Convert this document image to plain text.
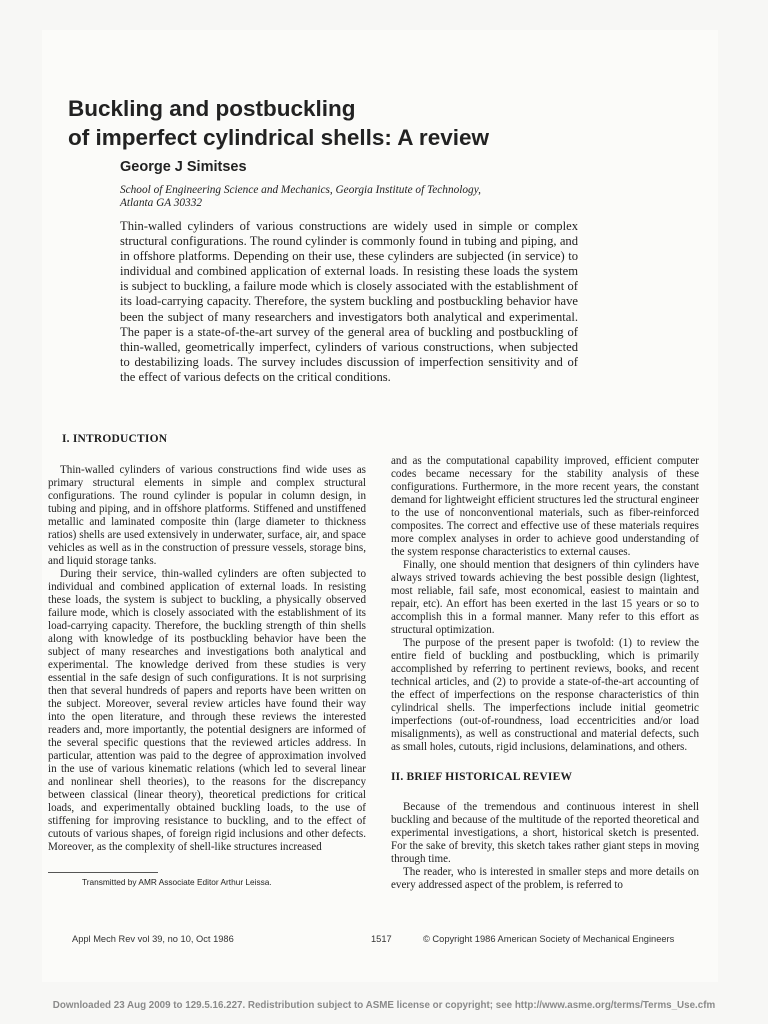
Buckling and postbuckling
of imperfect cylindrical shells: A review

George J Simitses

School of Engineering Science and Mechanics, Georgia Institute of Technology,
Atlanta GA 30332

Thin-walled cylinders of various constructions are widely used in simple or complex structural configurations. The round cylinder is commonly found in tubing and piping, and in offshore platforms. Depending on their use, these cylinders are subjected (in service) to individual and combined application of external loads. In resisting these loads the system is subject to buckling, a failure mode which is closely associated with the establishment of its load-carrying capacity. Therefore, the system buckling and postbuckling behavior have been the subject of many researchers and investigators both analytical and experimental. The paper is a state-of-the-art survey of the general area of buckling and postbuckling of thin-walled, geometrically imperfect, cylinders of various constructions, when subjected to destabilizing loads. The survey includes discussion of imperfection sensitivity and of the effect of various defects on the critical conditions.

I. INTRODUCTION

Thin-walled cylinders of various constructions find wide uses as primary structural elements in simple and complex structural configurations. The round cylinder is popular in column design, in tubing and piping, and in offshore platforms. Stiffened and unstiffened metallic and laminated composite thin (large diameter to thickness ratios) shells are used extensively in underwater, surface, air, and space vehicles as well as in the construction of pressure vessels, storage bins, and liquid storage tanks.

During their service, thin-walled cylinders are often subjected to individual and combined application of external loads. In resisting these loads, the system is subject to buckling, a physically observed failure mode, which is closely associated with the establishment of its load-carrying capacity. Therefore, the buckling strength of thin shells along with knowledge of its postbuckling behavior have been the subject of many researches and investigations both analytical and experimental. The knowledge derived from these studies is very essential in the safe design of such configurations. It is not surprising then that several hundreds of papers and reports have been written on the subject. Moreover, several review articles have found their way into the open literature, and through these reviews the interested readers and, more importantly, the potential designers are informed of the several specific questions that the reviewed articles address. In particular, attention was paid to the degree of approximation involved in the use of various kinematic relations (which led to several linear and nonlinear shell theories), to the reasons for the discrepancy between classical (linear theory), theoretical predictions for critical loads, and experimentally obtained buckling loads, to the use of stiffening for improving resistance to buckling, and to the effect of cutouts of various shapes, of foreign rigid inclusions and other defects. Moreover, as the complexity of shell-like structures increased

and as the computational capability improved, efficient computer codes became necessary for the stability analysis of these configurations. Furthermore, in the more recent years, the constant demand for lightweight efficient structures led the structural engineer to the use of nonconventional materials, such as fiber-reinforced composites. The correct and effective use of these materials requires more complex analyses in order to achieve good understanding of the system response characteristics to external causes.

Finally, one should mention that designers of thin cylinders have always strived towards achieving the best possible design (lightest, most reliable, fail safe, most economical, easiest to maintain and repair, etc). An effort has been exerted in the last 15 years or so to accomplish this in a formal manner. Many refer to this effort as structural optimization.

The purpose of the present paper is twofold: (1) to review the entire field of buckling and postbuckling, which is primarily accomplished by referring to pertinent reviews, books, and recent technical articles, and (2) to provide a state-of-the-art accounting of the effect of imperfections on the response characteristics of thin cylindrical shells. The imperfections include initial geometric imperfections (out-of-roundness, load eccentricities and/or load misalignments), as well as constructional and material defects, such as small holes, cutouts, rigid inclusions, delaminations, and others.

II. BRIEF HISTORICAL REVIEW

Because of the tremendous and continuous interest in shell buckling and because of the multitude of the reported theoretical and experimental investigations, a short, historical sketch is presented. For the sake of brevity, this sketch takes rather giant steps in moving through time.

The reader, who is interested in smaller steps and more details on every addressed aspect of the problem, is referred to

Transmitted by AMR Associate Editor Arthur Leissa.

Appl Mech Rev vol 39, no 10, Oct 1986	1517	© Copyright 1986 American Society of Mechanical Engineers

Downloaded 23 Aug 2009 to 129.5.16.227. Redistribution subject to ASME license or copyright; see http://www.asme.org/terms/Terms_Use.cfm
